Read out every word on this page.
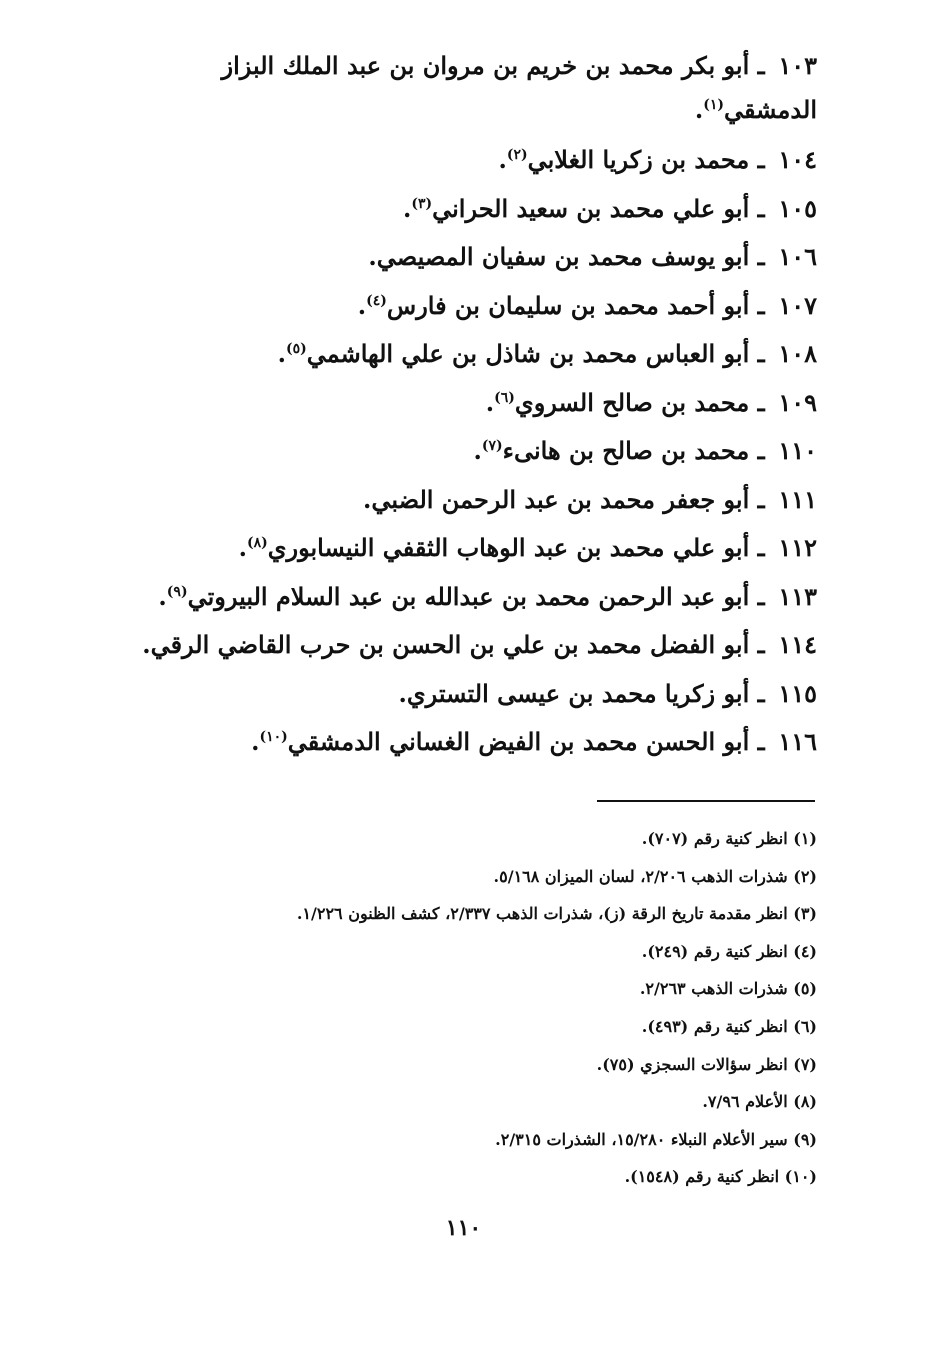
١٠٣ ـ أبو بكر محمد بن خريم بن مروان بن عبد الملك البزاز الدمشقي$^{(١)}$.

١٠٤ ـ محمد بن زكريا الغلابي$^{(٢)}$.

١٠٥ ـ أبو علي محمد بن سعيد الحراني$^{(٣)}$.

١٠٦ ـ أبو يوسف محمد بن سفيان المصيصي.

١٠٧ ـ أبو أحمد محمد بن سليمان بن فارس$^{(٤)}$.

١٠٨ ـ أبو العباس محمد بن شاذل بن علي الهاشمي$^{(٥)}$.

١٠٩ ـ محمد بن صالح السروي$^{(٦)}$.

١١٠ ـ محمد بن صالح بن هانىء$^{(٧)}$.

١١١ ـ أبو جعفر محمد بن عبد الرحمن الضبي.

١١٢ ـ أبو علي محمد بن عبد الوهاب الثقفي النيسابوري$^{(٨)}$.

١١٣ ـ أبو عبد الرحمن محمد بن عبدالله بن عبد السلام البيروتي$^{(٩)}$.

١١٤ ـ أبو الفضل محمد بن علي بن الحسن بن حرب القاضي الرقي.

١١٥ ـ أبو زكريا محمد بن عيسى التستري.

١١٦ ـ أبو الحسن محمد بن الفيض الغساني الدمشقي$^{(١٠)}$.

(١) انظر كنية رقم (٧٠٧).

(٢) شذرات الذهب ٢/٢٠٦، لسان الميزان ٥/١٦٨.

(٣) انظر مقدمة تاريخ الرقة (ز)، شذرات الذهب ٢/٣٣٧، كشف الظنون ١/٢٢٦.

(٤) انظر كنية رقم (٢٤٩).

(٥) شذرات الذهب ٢/٢٦٣.

(٦) انظر كنية رقم (٤٩٣).

(٧) انظر سؤالات السجزي (٧٥).

(٨) الأعلام ٧/٩٦.

(٩) سير الأعلام النبلاء ١٥/٢٨٠، الشذرات ٢/٣١٥.

(١٠) انظر كنية رقم (١٥٤٨).

١١٠
